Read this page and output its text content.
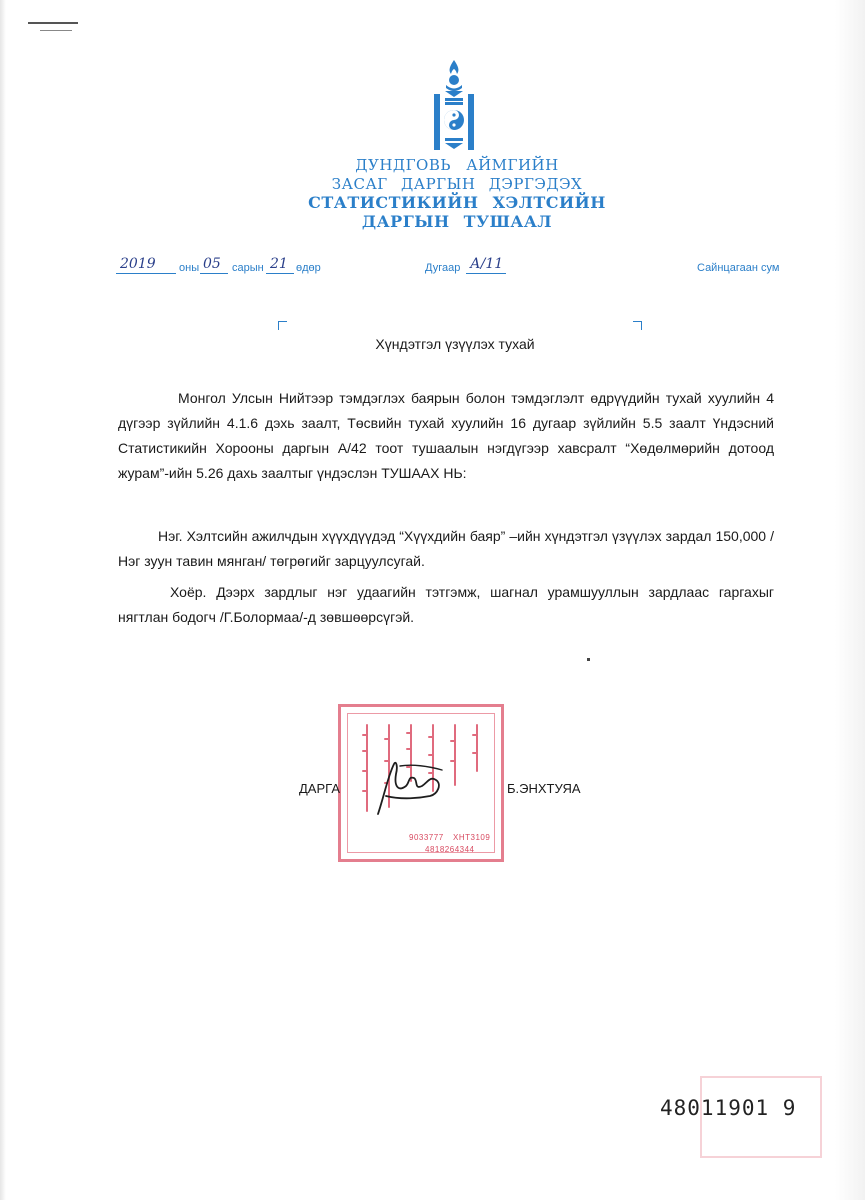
ДУНДГОВЬ АЙМГИЙН
ЗАСАГ ДАРГЫН ДЭРГЭДЭХ
СТАТИСТИКИЙН ХЭЛТСИЙН
ДАРГЫН ТУШААЛ
2019 оны 05 сарын 21 өдөр	Дугаар А/11	Сайнцагаан сум
Хүндэтгэл үзүүлэх тухай
Монгол Улсын Нийтээр тэмдэглэх баярын болон тэмдэглэлт өдрүүдийн тухай хуулийн 4 дүгээр зүйлийн 4.1.6 дэхь заалт, Төсвийн тухай хуулийн 16 дугаар зүйлийн 5.5 заалт Үндэсний Статистикийн Хорооны даргын А/42 тоот тушаалын нэгдүгээр хавсралт “Хөдөлмөрийн дотоод журам”-ийн 5.26 дахь заалтыг үндэслэн ТУШААХ НЬ:
Нэг. Хэлтсийн ажилчдын хүүхдүүдэд “Хүүхдийн баяр” –ийн хүндэтгэл үзүүлэх зардал 150,000 /Нэг зуун тавин мянган/ төгрөгийг зарцуулсугай.
Хоёр. Дээрх зардлыг нэг удаагийн тэтгэмж, шагнал урамшууллын зардлаас гаргахыг нягтлан бодогч /Г.Болормаа/-д зөвшөөрсүгэй.
9033777 ХНТ3109
4818264344
ДАРГА	Б.ЭНХТУЯА
48011901 9
